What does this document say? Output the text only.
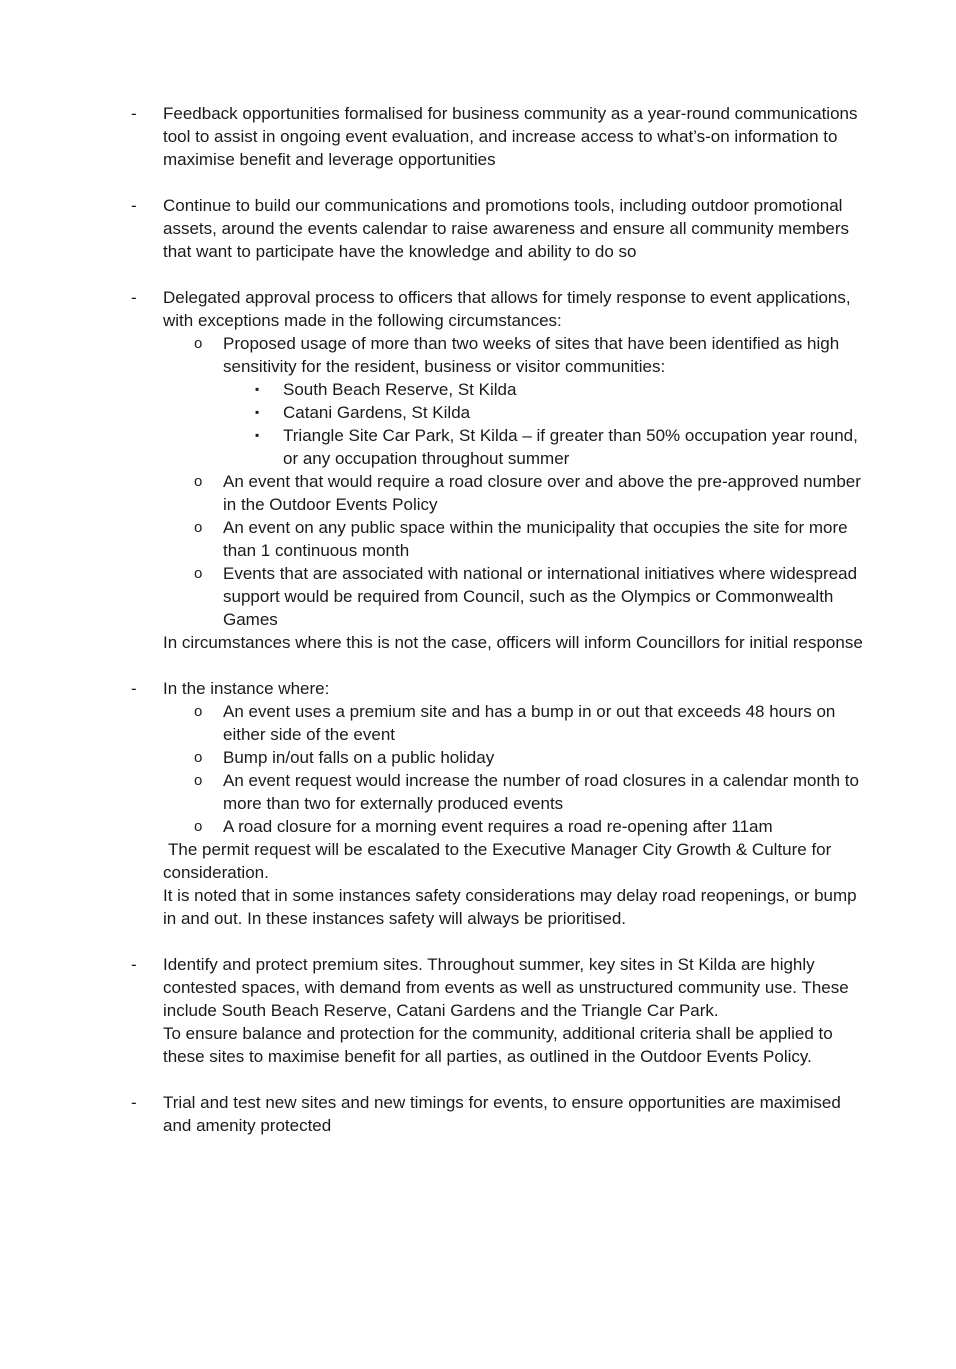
- Feedback opportunities formalised for business community as a year-round communications tool to assist in ongoing event evaluation, and increase access to what’s-on information to maximise benefit and leverage opportunities
- Continue to build our communications and promotions tools, including outdoor promotional assets, around the events calendar to raise awareness and ensure all community members that want to participate have the knowledge and ability to do so
- Delegated approval process to officers that allows for timely response to event applications, with exceptions made in the following circumstances:
o Proposed usage of more than two weeks of sites that have been identified as high sensitivity for the resident, business or visitor communities:
▪ South Beach Reserve, St Kilda
▪ Catani Gardens, St Kilda
▪ Triangle Site Car Park, St Kilda – if greater than 50% occupation year round, or any occupation throughout summer
o An event that would require a road closure over and above the pre-approved number in the Outdoor Events Policy
o An event on any public space within the municipality that occupies the site for more than 1 continuous month
o Events that are associated with national or international initiatives where widespread support would be required from Council, such as the Olympics or Commonwealth Games
In circumstances where this is not the case, officers will inform Councillors for initial response
- In the instance where:
o An event uses a premium site and has a bump in or out that exceeds 48 hours on either side of the event
o Bump in/out falls on a public holiday
o An event request would increase the number of road closures in a calendar month to more than two for externally produced events
o A road closure for a morning event requires a road re-opening after 11am
The permit request will be escalated to the Executive Manager City Growth & Culture for consideration.
It is noted that in some instances safety considerations may delay road reopenings, or bump in and out. In these instances safety will always be prioritised.
- Identify and protect premium sites. Throughout summer, key sites in St Kilda are highly contested spaces, with demand from events as well as unstructured community use. These include South Beach Reserve, Catani Gardens and the Triangle Car Park.
To ensure balance and protection for the community, additional criteria shall be applied to these sites to maximise benefit for all parties, as outlined in the Outdoor Events Policy.
- Trial and test new sites and new timings for events, to ensure opportunities are maximised and amenity protected
